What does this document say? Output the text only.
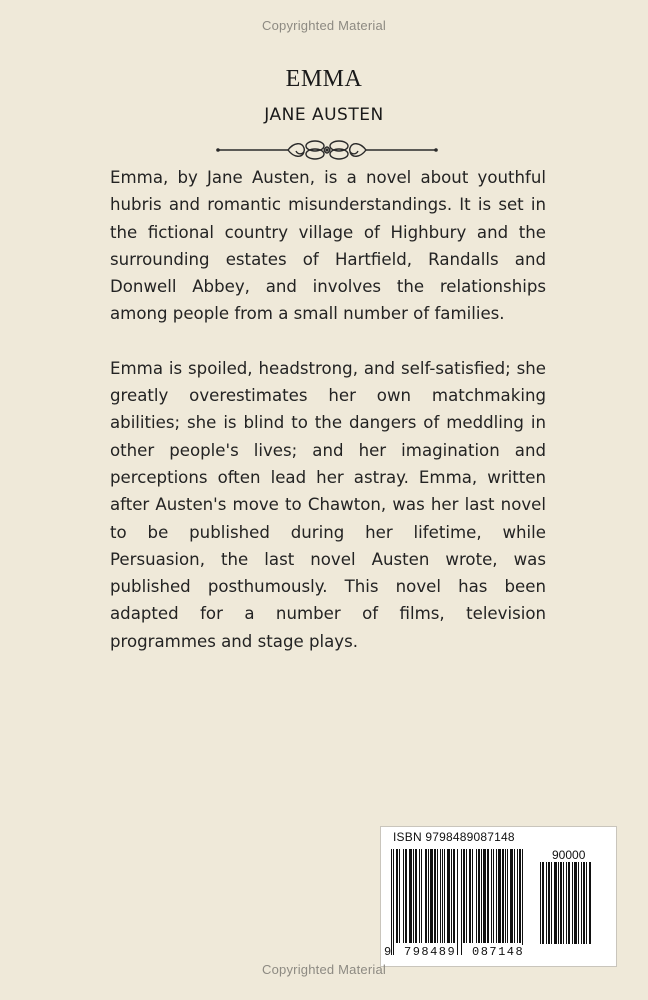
Copyrighted Material
EMMA
JANE AUSTEN

Emma, by Jane Austen, is a novel about youthful hubris and romantic misunderstandings. It is set in the fictional country village of Highbury and the surrounding estates of Hartfield, Randalls and Donwell Abbey, and involves the relationships among people from a small number of families.

Emma is spoiled, headstrong, and self-satisfied; she greatly overestimates her own matchmaking abilities; she is blind to the dangers of meddling in other people's lives; and her imagination and perceptions often lead her astray. Emma, written after Austen's move to Chawton, was her last novel to be published during her lifetime, while Persuasion, the last novel Austen wrote, was published posthumously. This novel has been adapted for a number of films, television programmes and stage plays.

ISBN 9798489087148
90000
9 798489 087148
Copyrighted Material
